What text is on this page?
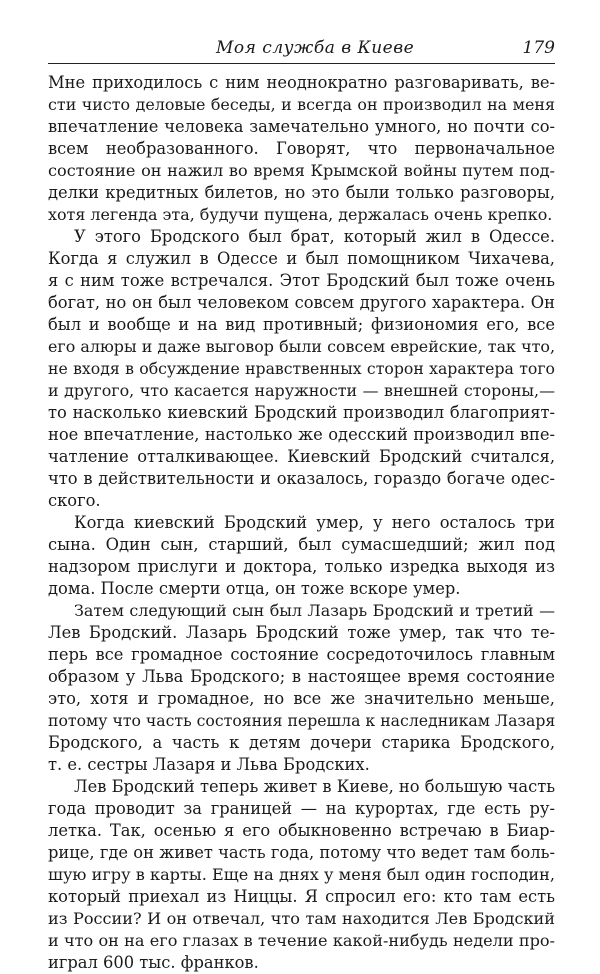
Моя служба в Киеве	179
Мне приходилось с ним неоднократно разговаривать, ве-
сти чисто деловые беседы, и всегда он производил на меня
впечатление человека замечательно умного, но почти со-
всем необразованного. Говорят, что первоначальное
состояние он нажил во время Крымской войны путем под-
делки кредитных билетов, но это были только разговоры,
хотя легенда эта, будучи пущена, держалась очень крепко.
У этого Бродского был брат, который жил в Одессе.
Когда я служил в Одессе и был помощником Чихачева,
я с ним тоже встречался. Этот Бродский был тоже очень
богат, но он был человеком совсем другого характера. Он
был и вообще и на вид противный; физиономия его, все
его алюры и даже выговор были совсем еврейские, так что,
не входя в обсуждение нравственных сторон характера того
и другого, что касается наружности — внешней стороны,—
то насколько киевский Бродский производил благоприят-
ное впечатление, настолько же одесский производил впе-
чатление отталкивающее. Киевский Бродский считался,
что в действительности и оказалось, гораздо богаче одес-
ского.
Когда киевский Бродский умер, у него осталось три
сына. Один сын, старший, был сумасшедший; жил под
надзором прислуги и доктора, только изредка выходя из
дома. После смерти отца, он тоже вскоре умер.
Затем следующий сын был Лазарь Бродский и третий —
Лев Бродский. Лазарь Бродский тоже умер, так что те-
перь все громадное состояние сосредоточилось главным
образом у Льва Бродского; в настоящее время состояние
это, хотя и громадное, но все же значительно меньше,
потому что часть состояния перешла к наследникам Лазаря
Бродского, а часть к детям дочери старика Бродского,
т. е. сестры Лазаря и Льва Бродских.
Лев Бродский теперь живет в Киеве, но большую часть
года проводит за границей — на курортах, где есть ру-
летка. Так, осенью я его обыкновенно встречаю в Биар-
рице, где он живет часть года, потому что ведет там боль-
шую игру в карты. Еще на днях у меня был один господин,
который приехал из Ниццы. Я спросил его: кто там есть
из России? И он отвечал, что там находится Лев Бродский
и что он на его глазах в течение какой-нибудь недели про-
играл 600 тыс. франков.
